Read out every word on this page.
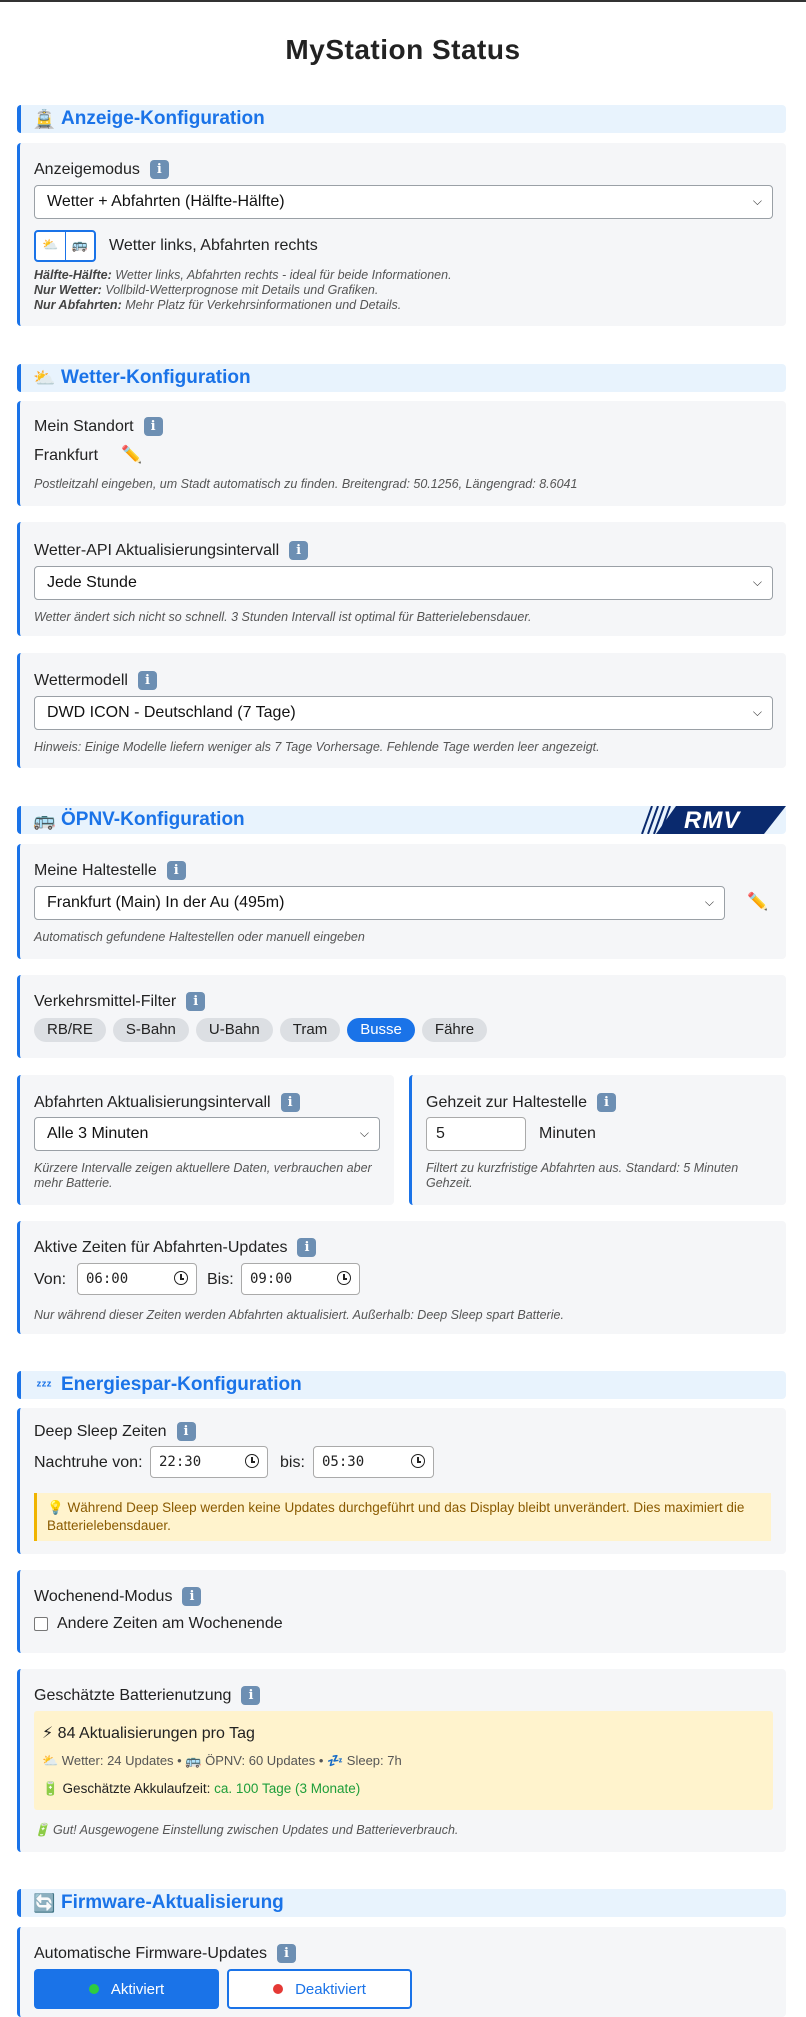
MyStation Status
🚊 Anzeige-Konfiguration
Anzeigemodus	i
Wetter + Abfahrten (Hälfte-Hälfte)	⌵
⛅	🚌	Wetter links, Abfahrten rechts
Hälfte-Hälfte: Wetter links, Abfahrten rechts - ideal für beide Informationen.
Nur Wetter: Vollbild-Wetterprognose mit Details und Grafiken.
Nur Abfahrten: Mehr Platz für Verkehrsinformationen und Details.
⛅ Wetter-Konfiguration
Mein Standort	i
Frankfurt ✏️
Postleitzahl eingeben, um Stadt automatisch zu finden. Breitengrad: 50.1256, Längengrad: 8.6041
Wetter-API Aktualisierungsintervall	i
Jede Stunde	⌵
Wetter ändert sich nicht so schnell. 3 Stunden Intervall ist optimal für Batterielebensdauer.
Wettermodell	i
DWD ICON - Deutschland (7 Tage)	⌵
Hinweis: Einige Modelle liefern weniger als 7 Tage Vorhersage. Fehlende Tage werden leer angezeigt.
🚌 ÖPNV-Konfiguration	RMV
Meine Haltestelle	i
Frankfurt (Main) In der Au (495m)	⌵ ✏️
Automatisch gefundene Haltestellen oder manuell eingeben
Verkehrsmittel-Filter	i
RB/RE S-Bahn U-Bahn Tram Busse Fähre
Abfahrten Aktualisierungsintervall	i
Alle 3 Minuten	⌵
Kürzere Intervalle zeigen aktuellere Daten, verbrauchen aber mehr Batterie.
Gehzeit zur Haltestelle	i
5	Minuten
Filtert zu kurzfristige Abfahrten aus. Standard: 5 Minuten Gehzeit.
Aktive Zeiten für Abfahrten-Updates	i
Von: 06:00	Bis: 09:00
Nur während dieser Zeiten werden Abfahrten aktualisiert. Außerhalb: Deep Sleep spart Batterie.
ᶻᶻᶻ Energiespar-Konfiguration
Deep Sleep Zeiten	i
Nachtruhe von: 22:30	bis: 05:30
💡 Während Deep Sleep werden keine Updates durchgeführt und das Display bleibt unverändert. Dies maximiert die Batterielebensdauer.
Wochenend-Modus	i
Andere Zeiten am Wochenende
Geschätzte Batterienutzung	i
⚡ 84 Aktualisierungen pro Tag
⛅ Wetter: 24 Updates • 🚌 ÖPNV: 60 Updates • 💤 Sleep: 7h
🔋 Geschätzte Akkulaufzeit: ca. 100 Tage (3 Monate)
🔋 Gut! Ausgewogene Einstellung zwischen Updates und Batterieverbrauch.
🔄 Firmware-Aktualisierung
Automatische Firmware-Updates	i
Aktiviert	Deaktiviert
